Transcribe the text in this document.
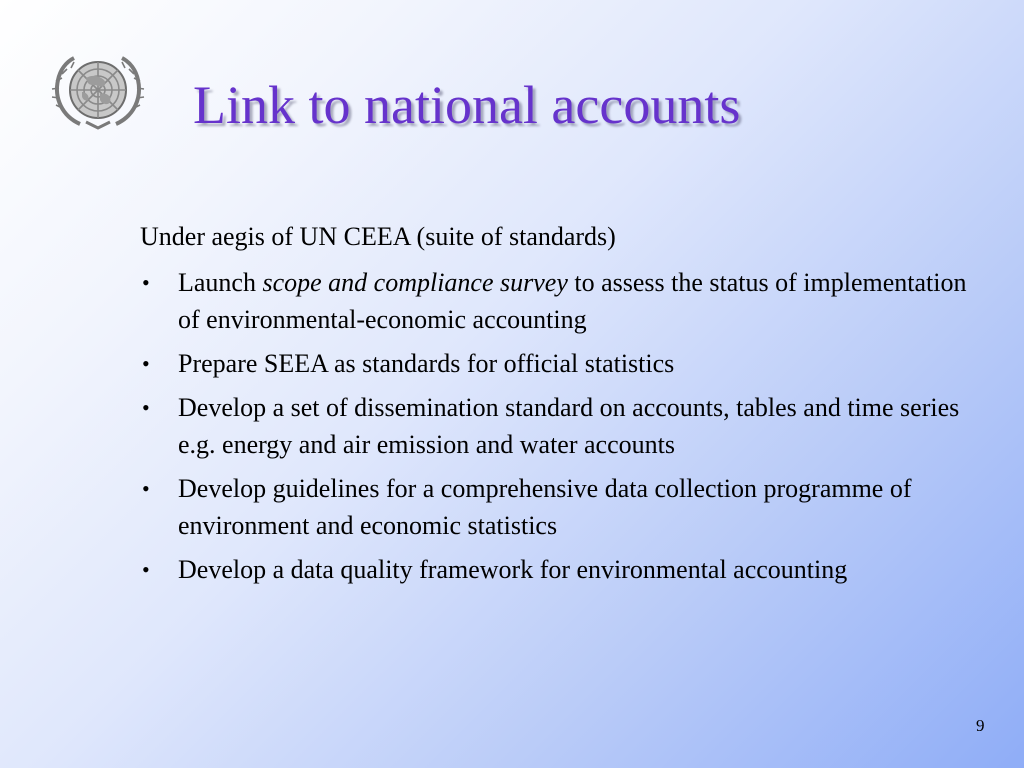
Link to national accounts
Under aegis of UN CEEA (suite of standards)
• Launch scope and compliance survey to assess the status of implementation of environmental-economic accounting
• Prepare SEEA as standards for official statistics
• Develop a set of dissemination standard on accounts, tables and time series e.g. energy and air emission and water accounts
• Develop guidelines for a comprehensive data collection programme of environment and economic statistics
• Develop a data quality framework for environmental accounting
9
